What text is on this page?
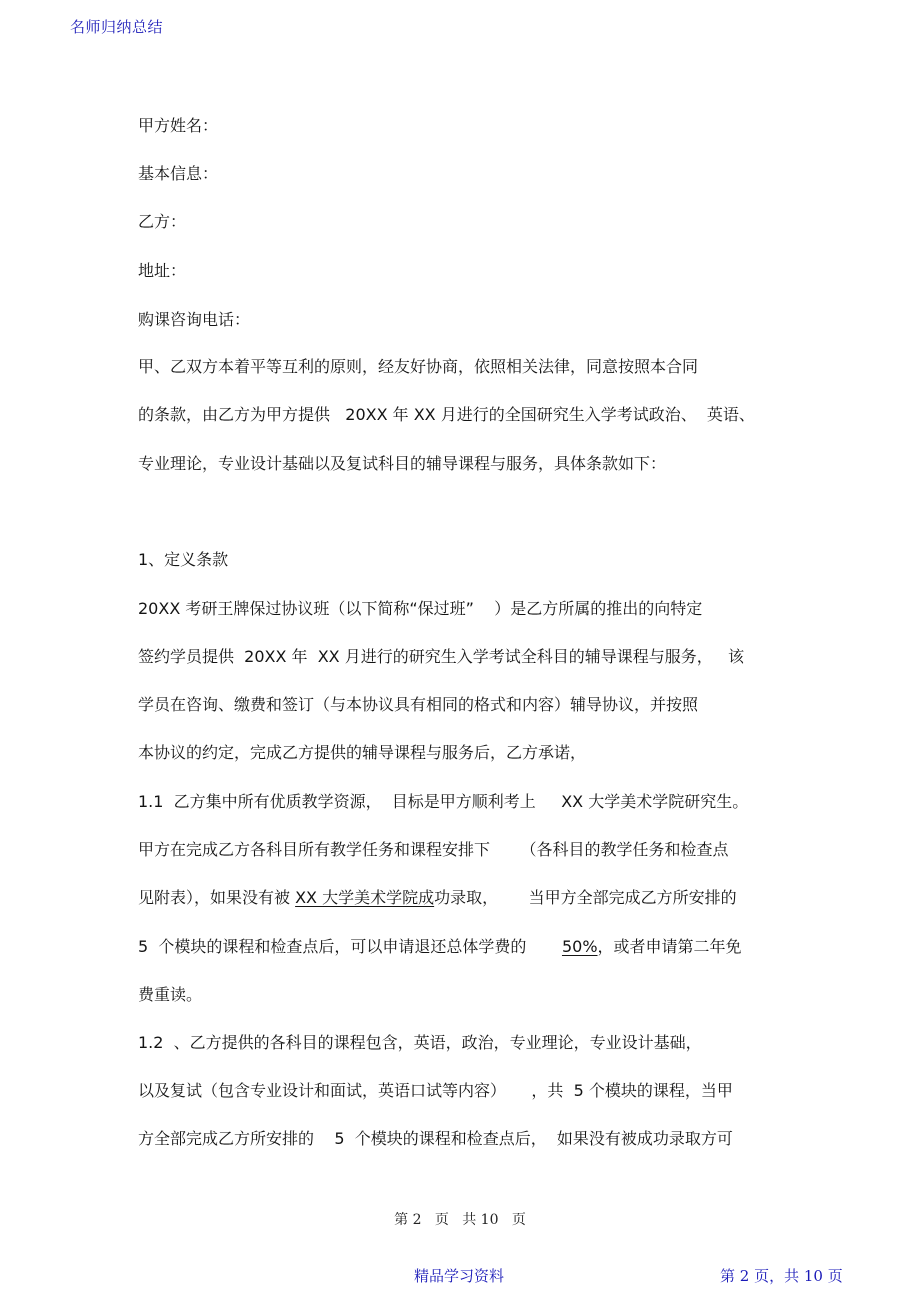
名师归纳总结
甲方姓名：
基本信息：
乙方：
地址：
购课咨询电话：
甲、乙双方本着平等互利的原则，经友好协商，依照相关法律，同意按照本合同
的条款，由乙方为甲方提供   20XX 年 XX 月进行的全国研究生入学考试政治、  英语、
专业理论，专业设计基础以及复试科目的辅导课程与服务，具体条款如下：
1、定义条款
20XX 考研王牌保过协议班（以下简称“保过班”    ）是乙方所属的推出的向特定
签约学员提供  20XX 年  XX 月进行的研究生入学考试全科目的辅导课程与服务，   该
学员在咨询、缴费和签订（与本协议具有相同的格式和内容）辅导协议，并按照
本协议的约定，完成乙方提供的辅导课程与服务后，乙方承诺，
1.1  乙方集中所有优质教学资源，  目标是甲方顺利考上     XX 大学美术学院研究生。
甲方在完成乙方各科目所有教学任务和课程安排下      （各科目的教学任务和检查点
见附表），如果没有被 XX 大学美术学院成功录取，      当甲方全部完成乙方所安排的
5  个模块的课程和检查点后，可以申请退还总体学费的       50%，或者申请第二年免
费重读。
1.2  、乙方提供的各科目的课程包含，英语，政治，专业理论，专业设计基础，
以及复试（包含专业设计和面试，英语口试等内容）     ，共  5 个模块的课程，当甲
方全部完成乙方所安排的    5  个模块的课程和检查点后，  如果没有被成功录取方可
第 2   页   共 10   页
精品学习资料	第 2 页，共 10 页
